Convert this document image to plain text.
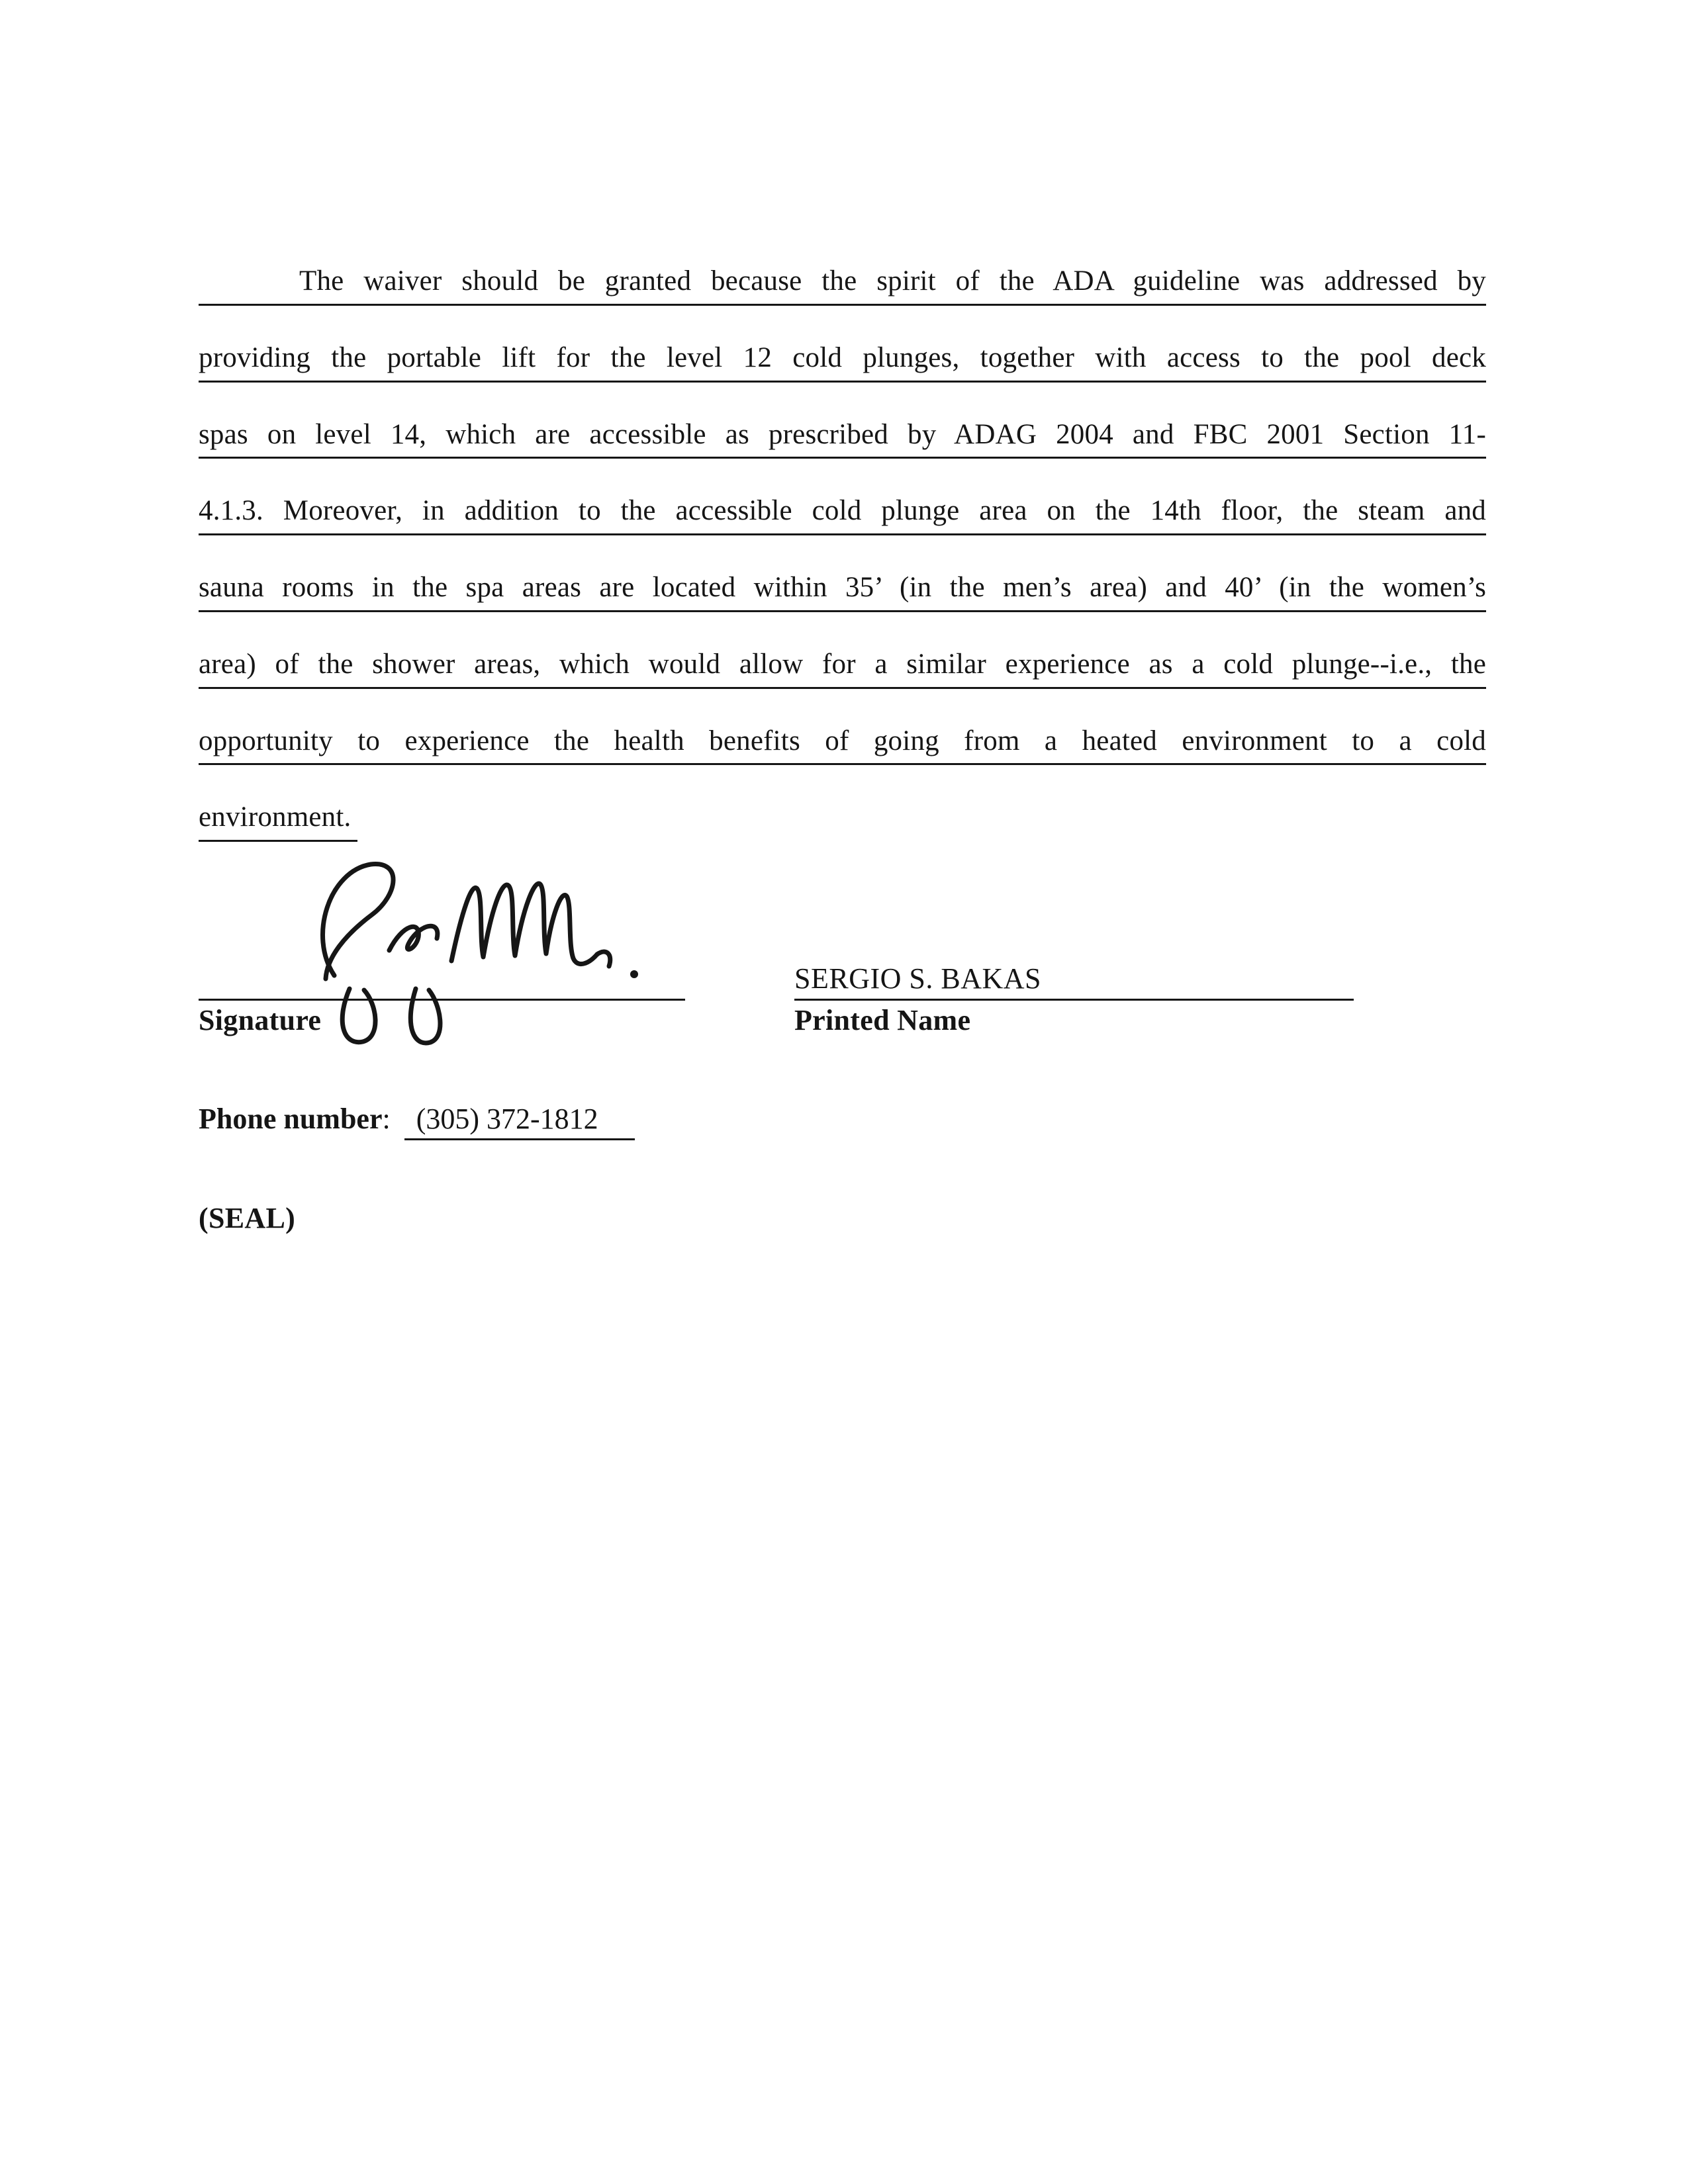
The waiver should be granted because the spirit of the ADA guideline was addressed by
providing the portable lift for the level 12 cold plunges, together with access to the pool deck
spas on level 14, which are accessible as prescribed by ADAG 2004 and FBC 2001 Section 11-
4.1.3. Moreover, in addition to the accessible cold plunge area on the 14th floor, the steam and
sauna rooms in the spa areas are located within 35’ (in the men’s area) and 40’ (in the women’s
area) of the shower areas, which would allow for a similar experience as a cold plunge--i.e., the
opportunity to experience the health benefits of going from a heated environment to a cold
environment.
Signature
SERGIO S. BAKAS
Printed Name
Phone number: (305) 372-1812
(SEAL)
